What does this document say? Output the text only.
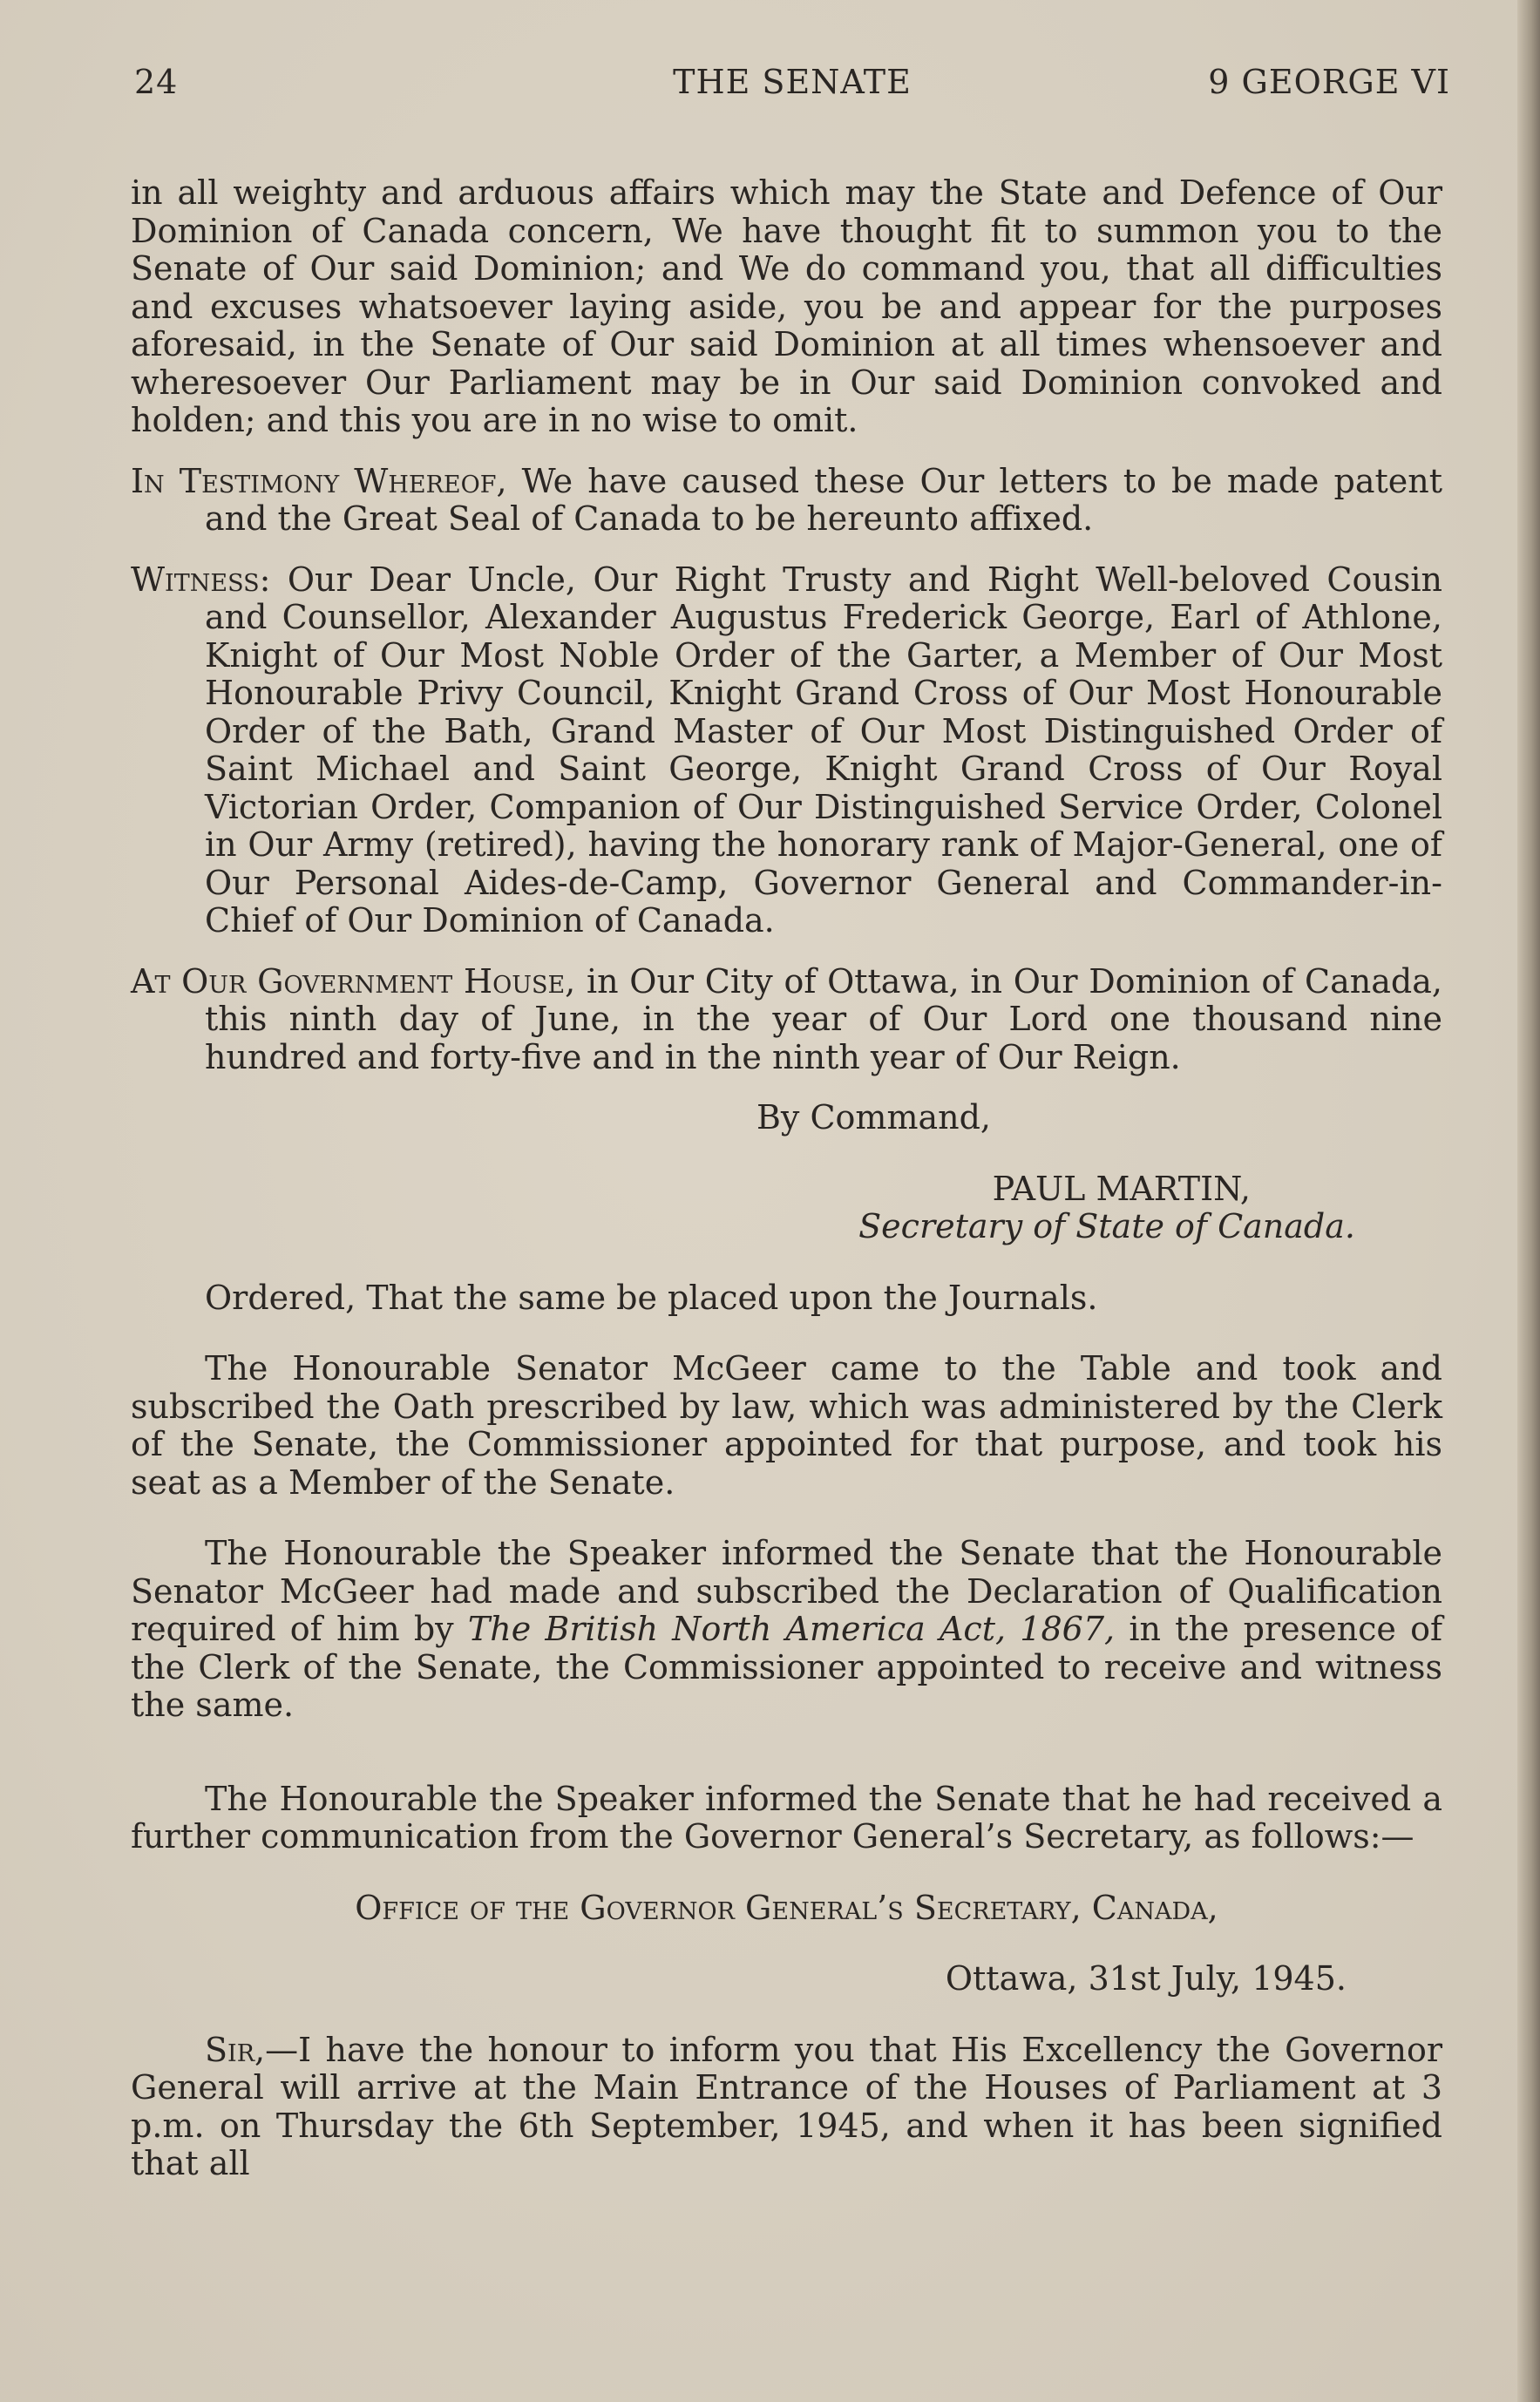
24	THE SENATE	9 GEORGE VI

in all weighty and arduous affairs which may the State and Defence of Our Dominion of Canada concern, We have thought fit to summon you to the Senate of Our said Dominion; and We do command you, that all difficulties and excuses whatsoever laying aside, you be and appear for the purposes aforesaid, in the Senate of Our said Dominion at all times whensoever and wheresoever Our Parliament may be in Our said Dominion convoked and holden; and this you are in no wise to omit.

In Testimony Whereof, We have caused these Our letters to be made patent and the Great Seal of Canada to be hereunto affixed.

Witness: Our Dear Uncle, Our Right Trusty and Right Well-beloved Cousin and Counsellor, Alexander Augustus Frederick George, Earl of Athlone, Knight of Our Most Noble Order of the Garter, a Member of Our Most Honourable Privy Council, Knight Grand Cross of Our Most Honourable Order of the Bath, Grand Master of Our Most Distinguished Order of Saint Michael and Saint George, Knight Grand Cross of Our Royal Victorian Order, Companion of Our Distinguished Service Order, Colonel in Our Army (retired), having the honorary rank of Major-General, one of Our Personal Aides-de-Camp, Governor General and Commander-in-Chief of Our Dominion of Canada.

At Our Government House, in Our City of Ottawa, in Our Dominion of Canada, this ninth day of June, in the year of Our Lord one thousand nine hundred and forty-five and in the ninth year of Our Reign.

By Command,

PAUL MARTIN,

Secretary of State of Canada.

Ordered, That the same be placed upon the Journals.

The Honourable Senator McGeer came to the Table and took and subscribed the Oath prescribed by law, which was administered by the Clerk of the Senate, the Commissioner appointed for that purpose, and took his seat as a Member of the Senate.

The Honourable the Speaker informed the Senate that the Honourable Senator McGeer had made and subscribed the Declaration of Qualification required of him by The British North America Act, 1867, in the presence of the Clerk of the Senate, the Commissioner appointed to receive and witness the same.

The Honourable the Speaker informed the Senate that he had received a further communication from the Governor General’s Secretary, as follows:—

Office of the Governor General’s Secretary, Canada,

Ottawa, 31st July, 1945.

Sir,—I have the honour to inform you that His Excellency the Governor General will arrive at the Main Entrance of the Houses of Parliament at 3 p.m. on Thursday the 6th September, 1945, and when it has been signified that all
